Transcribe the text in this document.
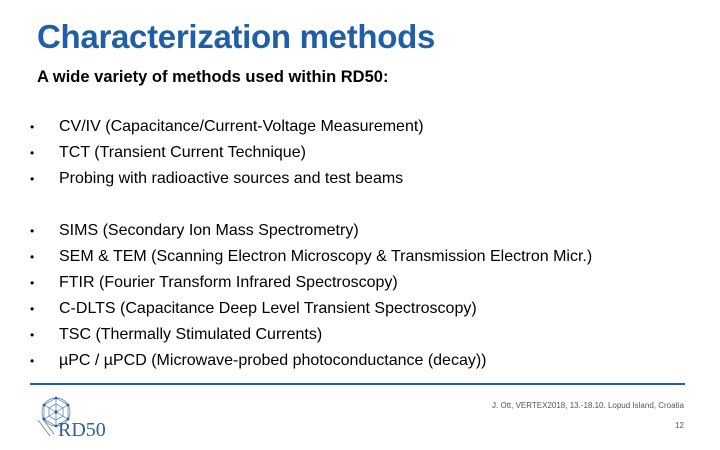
Characterization methods
A wide variety of methods used within RD50:
•	CV/IV (Capacitance/Current-Voltage Measurement)
•	TCT (Transient Current Technique)
•	Probing with radioactive sources and test beams
•	SIMS (Secondary Ion Mass Spectrometry)
•	SEM & TEM (Scanning Electron Microscopy & Transmission Electron Micr.)
•	FTIR (Fourier Transform Infrared Spectroscopy)
•	C-DLTS (Capacitance Deep Level Transient Spectroscopy)
•	TSC (Thermally Stimulated Currents)
•	µPC / µPCD (Microwave-probed photoconductance (decay))
RD50
J. Ott, VERTEX2018, 13.-18.10. Lopud Island, Croatia
12
